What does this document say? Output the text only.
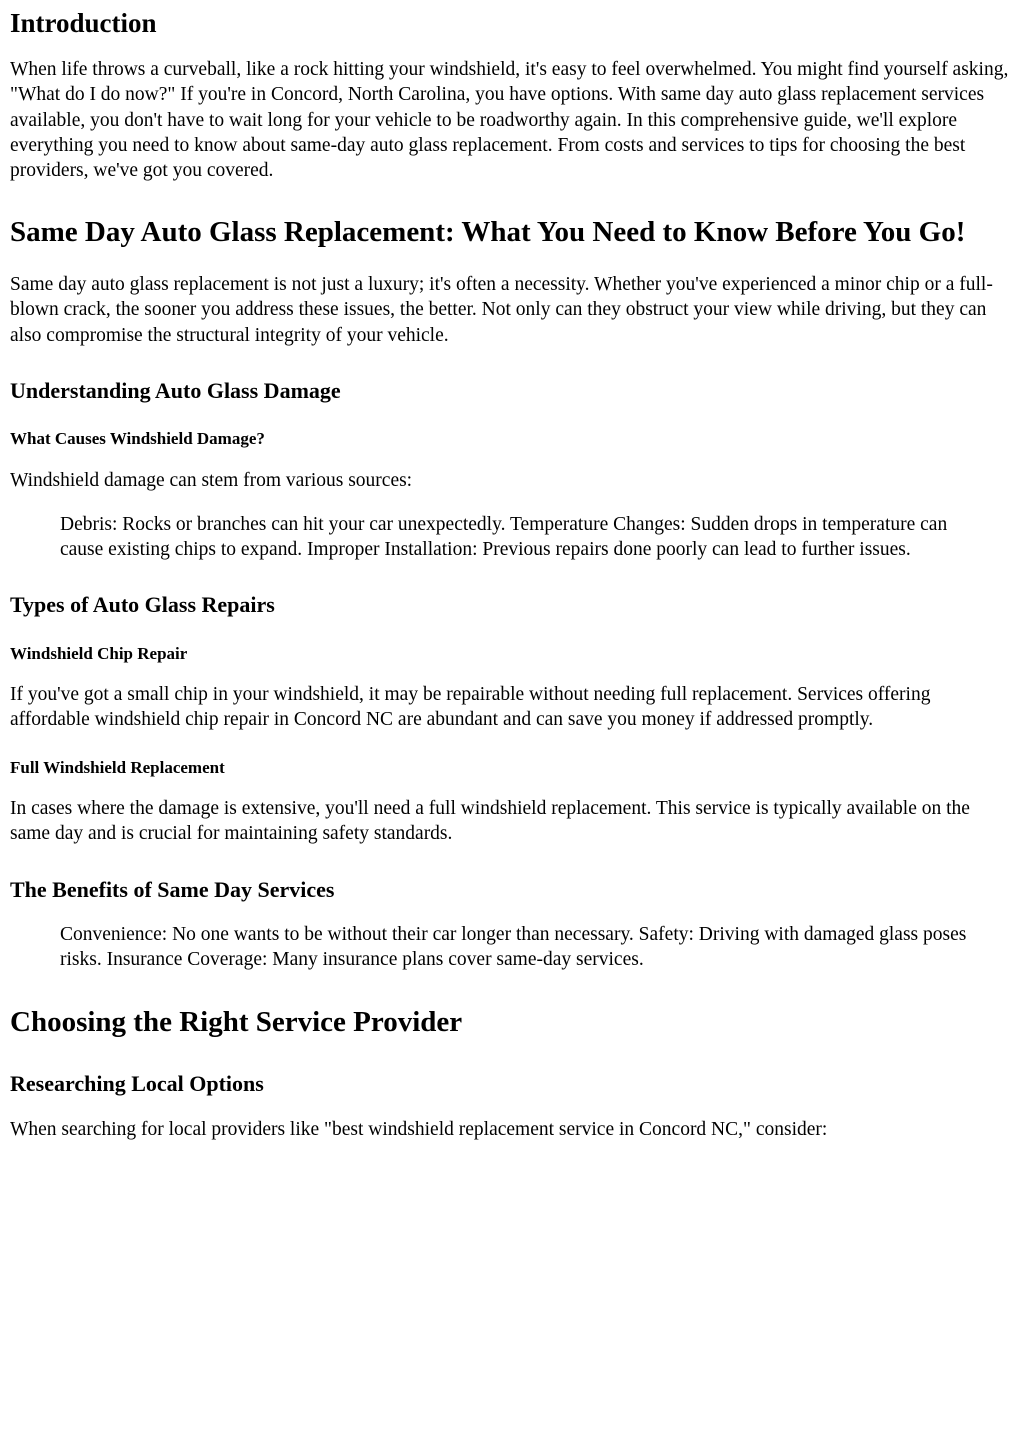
Introduction

When life throws a curveball, like a rock hitting your windshield, it's easy to feel overwhelmed. You might find yourself asking, "What do I do now?" If you're in Concord, North Carolina, you have options. With same day auto glass replacement services available, you don't have to wait long for your vehicle to be roadworthy again. In this comprehensive guide, we'll explore everything you need to know about same-day auto glass replacement. From costs and services to tips for choosing the best providers, we've got you covered.

Same Day Auto Glass Replacement: What You Need to Know Before You Go!

Same day auto glass replacement is not just a luxury; it's often a necessity. Whether you've experienced a minor chip or a full-blown crack, the sooner you address these issues, the better. Not only can they obstruct your view while driving, but they can also compromise the structural integrity of your vehicle.

Understanding Auto Glass Damage
What Causes Windshield Damage?

Windshield damage can stem from various sources:

Debris: Rocks or branches can hit your car unexpectedly. Temperature Changes: Sudden drops in temperature can cause existing chips to expand. Improper Installation: Previous repairs done poorly can lead to further issues.

Types of Auto Glass Repairs
Windshield Chip Repair

If you've got a small chip in your windshield, it may be repairable without needing full replacement. Services offering affordable windshield chip repair in Concord NC are abundant and can save you money if addressed promptly.

Full Windshield Replacement

In cases where the damage is extensive, you'll need a full windshield replacement. This service is typically available on the same day and is crucial for maintaining safety standards.

The Benefits of Same Day Services

Convenience: No one wants to be without their car longer than necessary. Safety: Driving with damaged glass poses risks. Insurance Coverage: Many insurance plans cover same-day services.

Choosing the Right Service Provider
Researching Local Options

When searching for local providers like "best windshield replacement service in Concord NC," consider:
